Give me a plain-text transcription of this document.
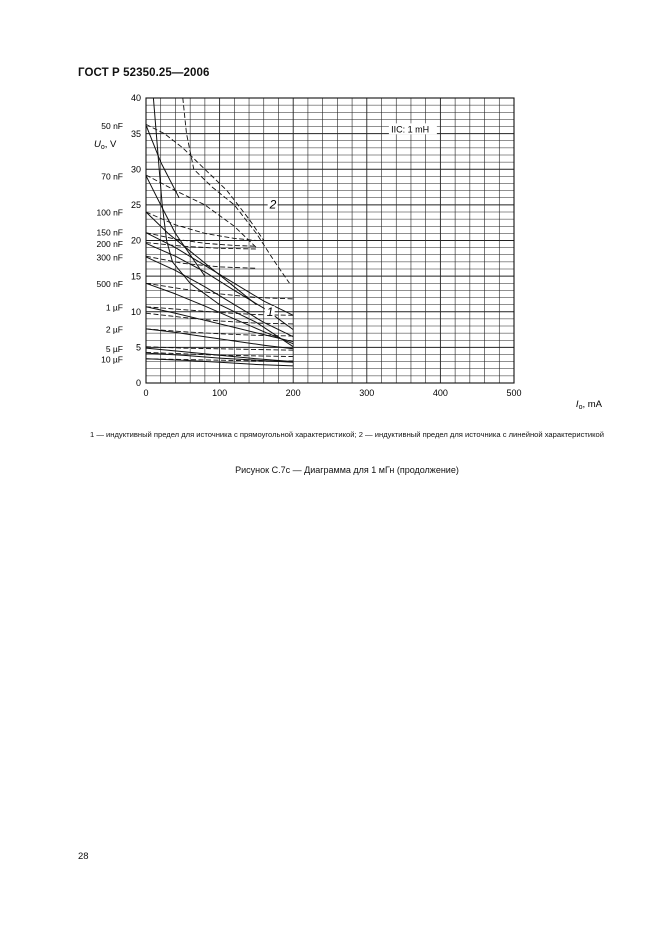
ГОСТ Р 52350.25—2006
0	100	200	300	400	500
0
5
10
15
20
25
30
35
40
50 nF
70 nF
100 nF
150 nF
200 nF
300 nF
500 nF
1 µF
2 µF
5 µF
10 µF
IIC: 1 mH
$U_o$, V
$I_o$, mA
2
1
1 — индуктивный предел для источника с прямоугольной характеристикой; 2 — индуктивный предел для источника с линейной характеристикой
Рисунок С.7с — Диаграмма для 1 мГн (продолжение)
28
